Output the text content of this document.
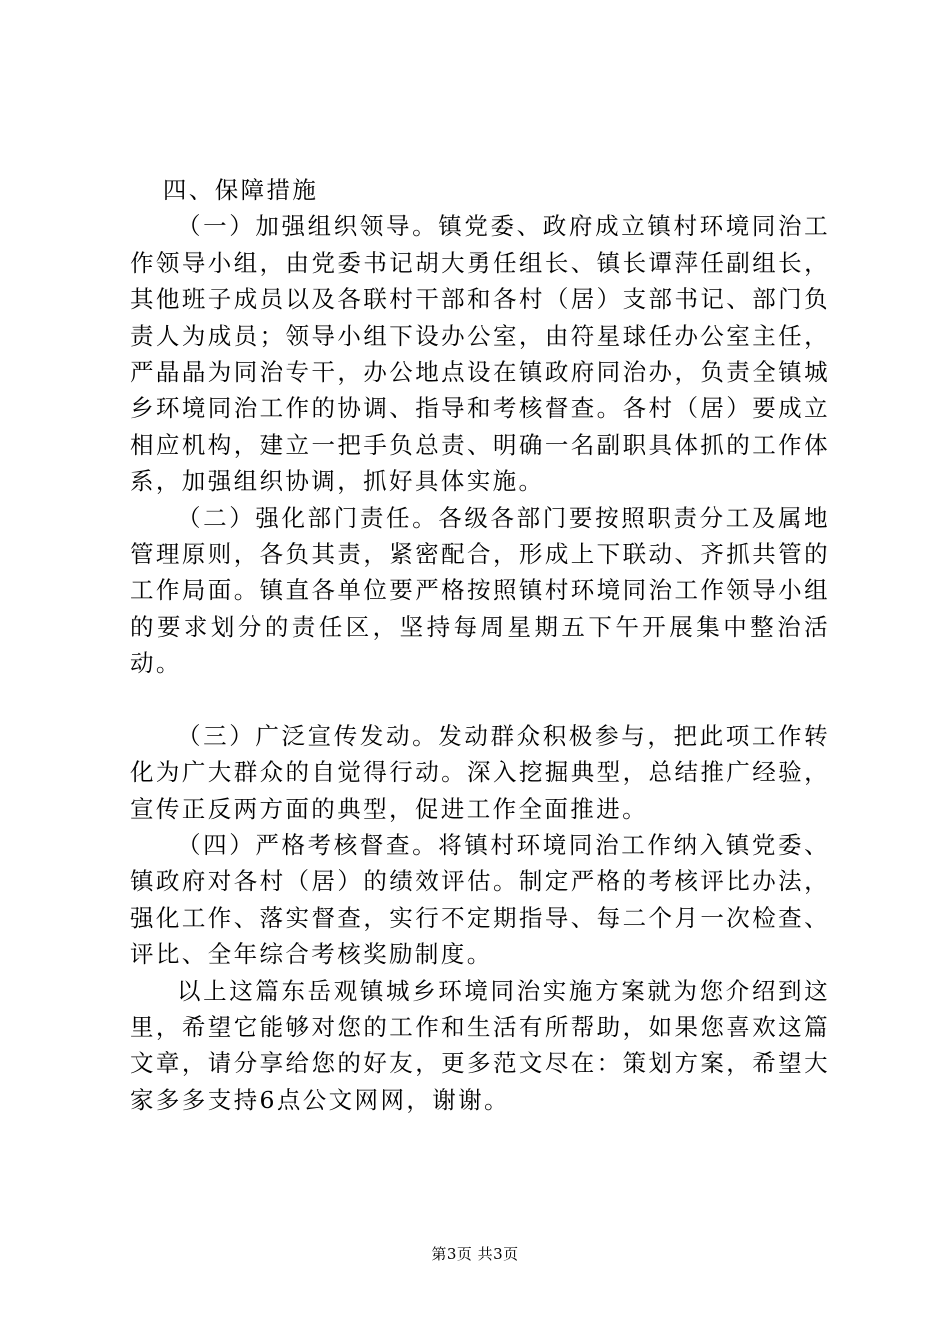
四、保障措施

（一）加强组织领导。镇党委、政府成立镇村环境同治工作领导小组，由党委书记胡大勇任组长、镇长谭萍任副组长，其他班子成员以及各联村干部和各村（居）支部书记、部门负责人为成员；领导小组下设办公室，由符星球任办公室主任，严晶晶为同治专干，办公地点设在镇政府同治办，负责全镇城乡环境同治工作的协调、指导和考核督查。各村（居）要成立相应机构，建立一把手负总责、明确一名副职具体抓的工作体系，加强组织协调，抓好具体实施。

（二）强化部门责任。各级各部门要按照职责分工及属地管理原则，各负其责，紧密配合，形成上下联动、齐抓共管的工作局面。镇直各单位要严格按照镇村环境同治工作领导小组的要求划分的责任区，坚持每周星期五下午开展集中整治活动。

（三）广泛宣传发动。发动群众积极参与，把此项工作转化为广大群众的自觉得行动。深入挖掘典型，总结推广经验，宣传正反两方面的典型，促进工作全面推进。

（四）严格考核督查。将镇村环境同治工作纳入镇党委、镇政府对各村（居）的绩效评估。制定严格的考核评比办法，强化工作、落实督查，实行不定期指导、每二个月一次检查、评比、全年综合考核奖励制度。

以上这篇东岳观镇城乡环境同治实施方案就为您介绍到这里，希望它能够对您的工作和生活有所帮助，如果您喜欢这篇文章，请分享给您的好友，更多范文尽在：策划方案，希望大家多多支持6点公文网网，谢谢。

第3页 共3页
